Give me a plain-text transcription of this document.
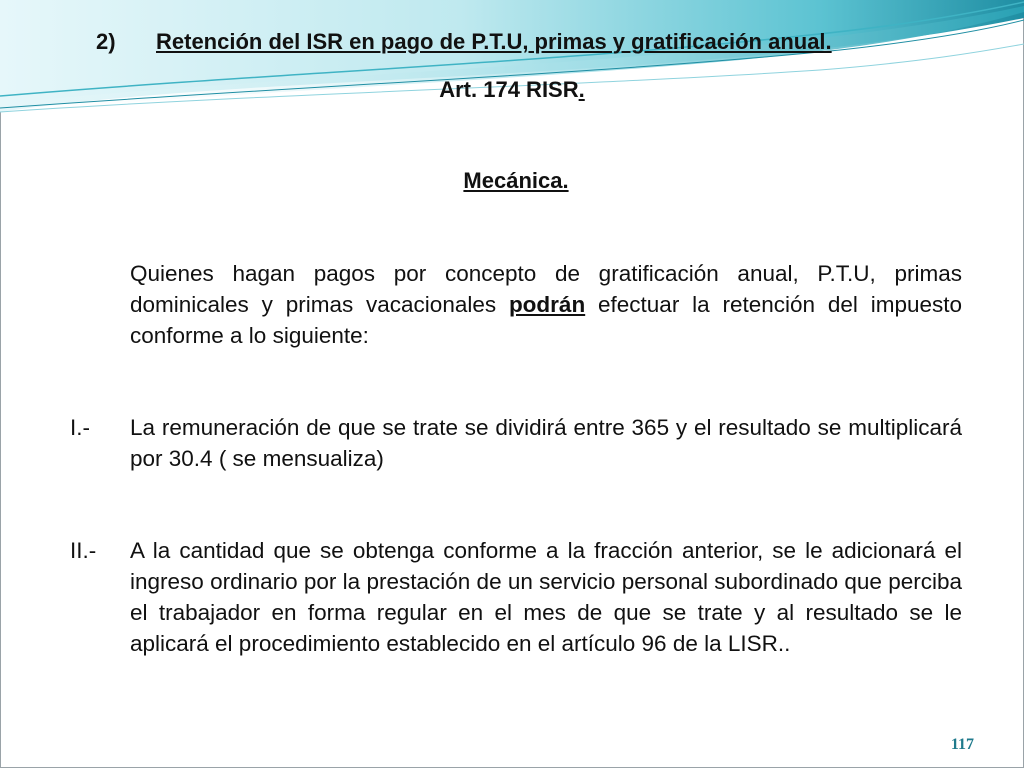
2) Retención del ISR en pago de P.T.U, primas y gratificación anual.
Art. 174 RISR.
Mecánica.
Quienes hagan pagos por concepto de gratificación anual, P.T.U, primas dominicales y primas vacacionales podrán efectuar la retención del impuesto conforme a lo siguiente:
I.- La remuneración de que se trate se dividirá entre 365 y el resultado se multiplicará por 30.4 ( se mensualiza)
II.- A la cantidad que se obtenga conforme a la fracción anterior, se le adicionará el ingreso ordinario por la prestación de un servicio personal subordinado que perciba el trabajador en forma regular en el mes de que se trate y al resultado se le aplicará el procedimiento establecido en el artículo 96 de la LISR..
117
